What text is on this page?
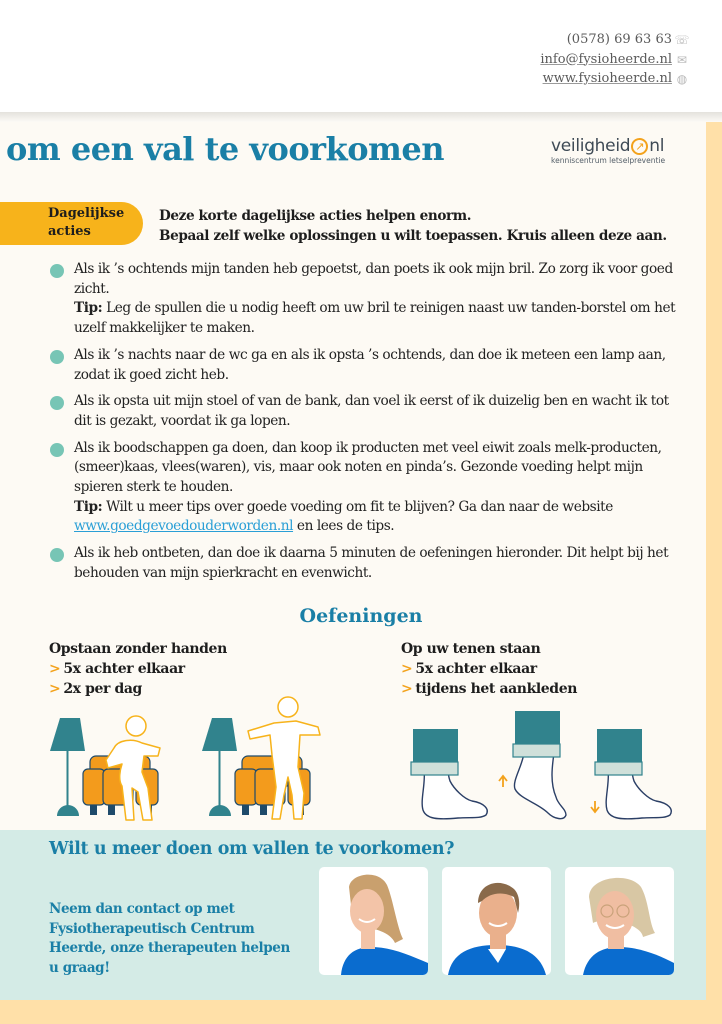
(0578) 69 63 63
info@fysioheerde.nl
www.fysioheerde.nl
☏
✉
◍
om een val te voorkomen	veiligheid ↗ nl
kenniscentrum letselpreventie
Dagelijkse
acties
Deze korte dagelijkse acties helpen enorm.
Bepaal zelf welke oplossingen u wilt toepassen. Kruis alleen deze aan.
Als ik ’s ochtends mijn tanden heb gepoetst, dan poets ik ook mijn bril. Zo zorg ik voor goed zicht.
Tip: Leg de spullen die u nodig heeft om uw bril te reinigen naast uw tanden-borstel om het uzelf makkelijker te maken.
Als ik ’s nachts naar de wc ga en als ik opsta ’s ochtends, dan doe ik meteen een lamp aan, zodat ik goed zicht heb.
Als ik opsta uit mijn stoel of van de bank, dan voel ik eerst of ik duizelig ben en wacht ik tot dit is gezakt, voordat ik ga lopen.
Als ik boodschappen ga doen, dan koop ik producten met veel eiwit zoals melk-producten, (smeer)kaas, vlees(waren), vis, maar ook noten en pinda’s. Gezonde voeding helpt mijn spieren sterk te houden.
Tip: Wilt u meer tips over goede voeding om fit te blijven? Ga dan naar de website www.goedgevoedouderworden.nl en lees de tips.
Als ik heb ontbeten, dan doe ik daarna 5 minuten de oefeningen hieronder. Dit helpt bij het behouden van mijn spierkracht en evenwicht.
Oefeningen
Opstaan zonder handen
> 5x achter elkaar
> 2x per dag
Op uw tenen staan
> 5x achter elkaar
> tijdens het aankleden
Wilt u meer doen om vallen te voorkomen?
Neem dan contact op met Fysiotherapeutisch Centrum Heerde, onze therapeuten helpen u graag!
